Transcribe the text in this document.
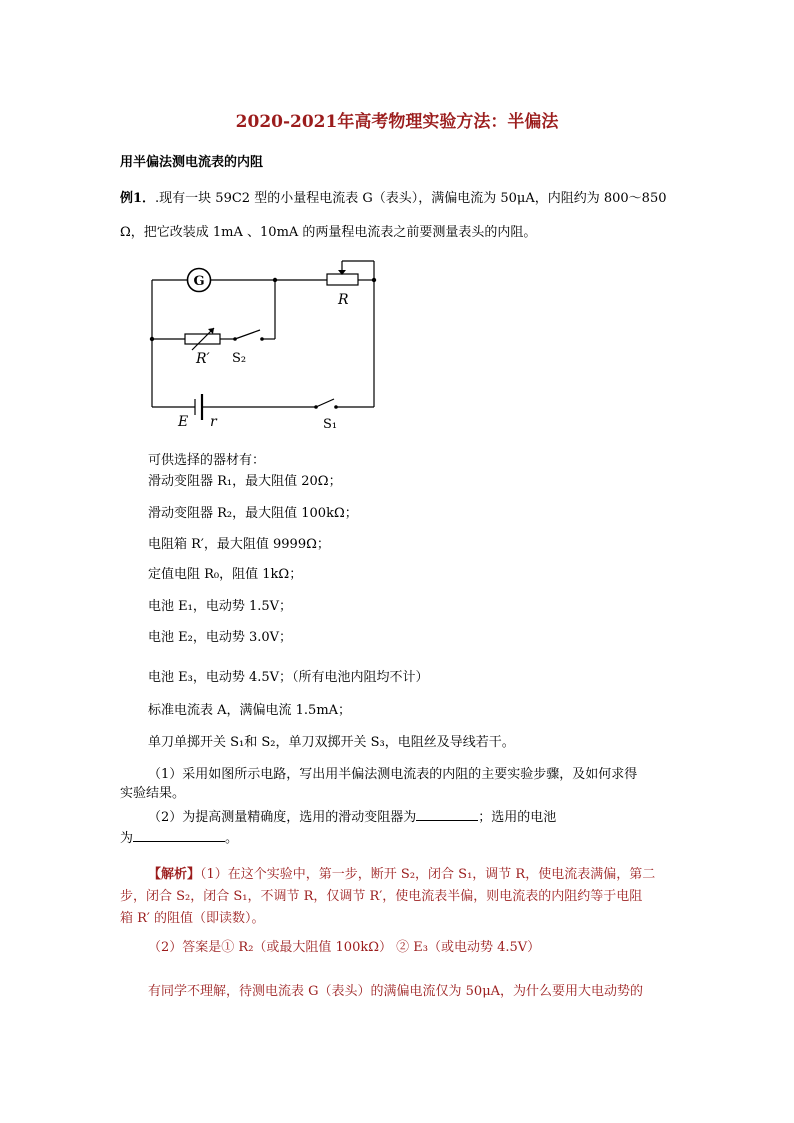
2020-2021年高考物理实验方法：半偏法
用半偏法测电流表的内阻
例1．.现有一块 59C2 型的小量程电流表 G（表头），满偏电流为 50μA，内阻约为 800～850
Ω，把它改装成 1mA 、10mA 的两量程电流表之前要测量表头的内阻。
G
R
R′ S₂
E r	S₁
可供选择的器材有：
滑动变阻器 R₁，最大阻值 20Ω；
滑动变阻器 R₂，最大阻值 100kΩ；
电阻箱 R′，最大阻值 9999Ω；
定值电阻 R₀，阻值 1kΩ；
电池 E₁，电动势 1.5V；
电池 E₂，电动势 3.0V；
电池 E₃，电动势 4.5V；（所有电池内阻均不计）
标准电流表 A，满偏电流 1.5mA；
单刀单掷开关 S₁和 S₂，单刀双掷开关 S₃，电阻丝及导线若干。
（1）采用如图所示电路，写出用半偏法测电流表的内阻的主要实验步骤，及如何求得
实验结果。
（2）为提高测量精确度，选用的滑动变阻器为	；选用的电池
为	。
【解析】（1）在这个实验中，第一步，断开 S₂，闭合 S₁，调节 R，使电流表满偏，第二
步，闭合 S₂，闭合 S₁，不调节 R，仅调节 R′，使电流表半偏，则电流表的内阻约等于电阻
箱 R′ 的阻值（即读数）。
（2）答案是① R₂（或最大阻值 100kΩ） ② E₃（或电动势 4.5V）
有同学不理解，待测电流表 G（表头）的满偏电流仅为 50μA，为什么要用大电动势的
